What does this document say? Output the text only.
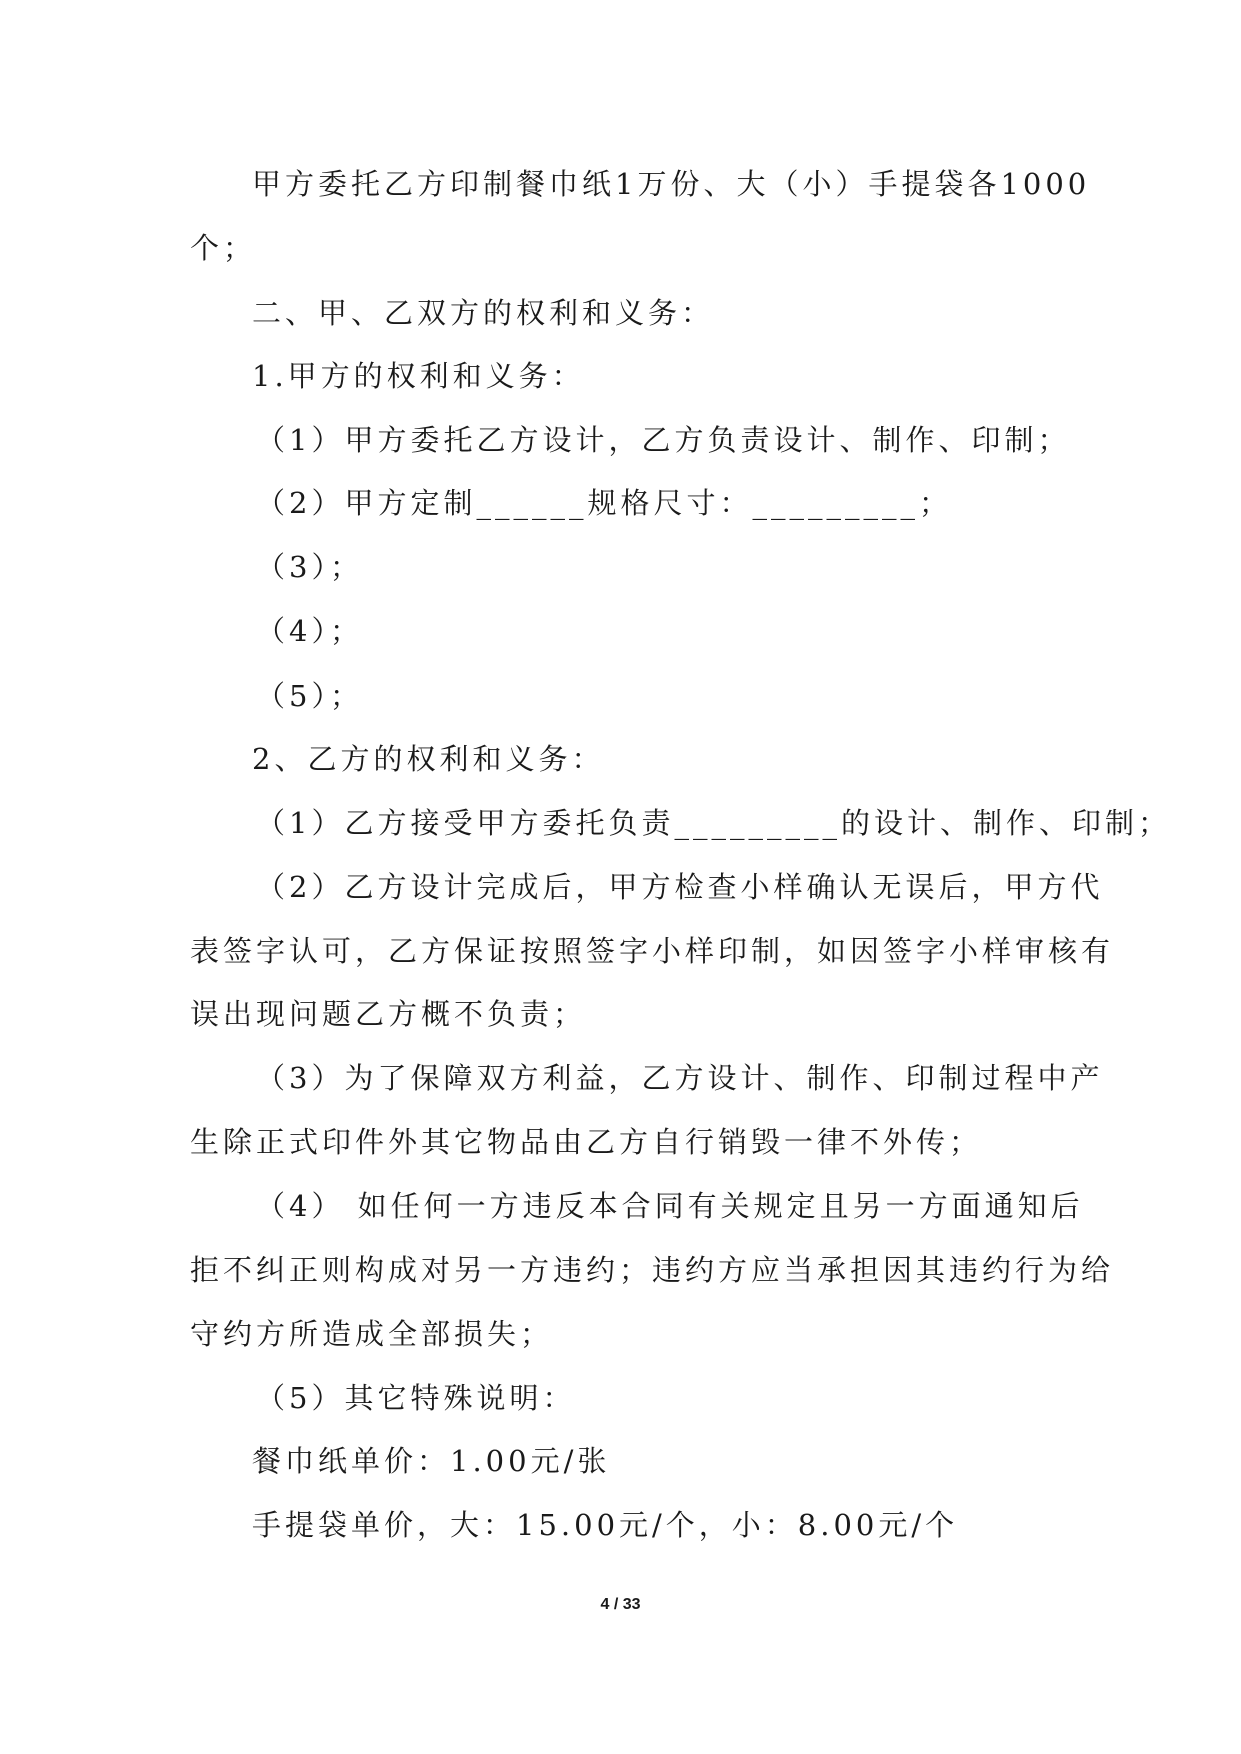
甲方委托乙方印制餐巾纸1万份、大（小）手提袋各1000
个；
二、甲、乙双方的权利和义务：
1.甲方的权利和义务：
（1）甲方委托乙方设计，乙方负责设计、制作、印制；
（2）甲方定制______规格尺寸：_________；
（3）；
（4）；
（5）；
2、乙方的权利和义务：
（1）乙方接受甲方委托负责_________的设计、制作、印制；
（2）乙方设计完成后，甲方检查小样确认无误后，甲方代
表签字认可，乙方保证按照签字小样印制，如因签字小样审核有
误出现问题乙方概不负责；
（3）为了保障双方利益，乙方设计、制作、印制过程中产
生除正式印件外其它物品由乙方自行销毁一律不外传；
（4） 如任何一方违反本合同有关规定且另一方面通知后
拒不纠正则构成对另一方违约；违约方应当承担因其违约行为给
守约方所造成全部损失；
（5）其它特殊说明：
餐巾纸单价：1.00元/张
手提袋单价，大：15.00元/个，小：8.00元/个
4 / 33
